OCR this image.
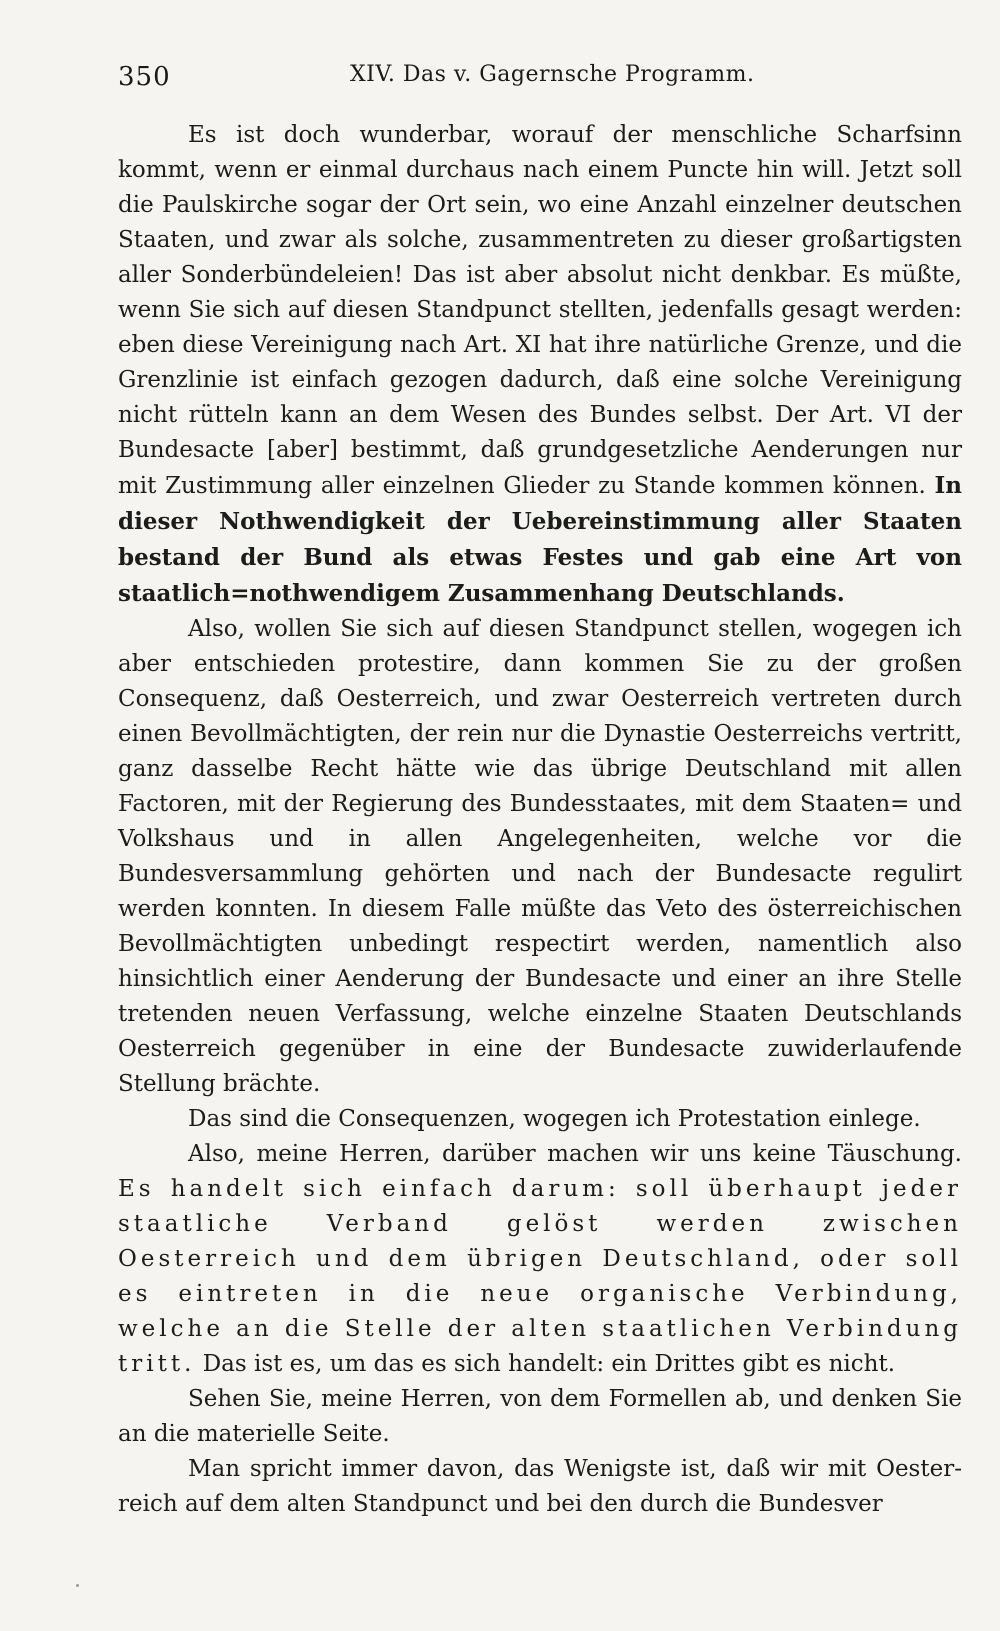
350	XIV. Das v. Gagernsche Programm.

Es ist doch wunderbar, worauf der menschliche Scharfsinn kommt, wenn er einmal durchaus nach einem Puncte hin will. Jetzt soll die Paulskirche sogar der Ort sein, wo eine Anzahl einzelner deutschen Staaten, und zwar als solche, zusammentreten zu dieser großartigsten aller Sonderbündeleien! Das ist aber absolut nicht denkbar. Es müßte, wenn Sie sich auf diesen Standpunct stellten, jedenfalls gesagt werden: eben diese Vereinigung nach Art. XI hat ihre natürliche Grenze, und die Grenzlinie ist einfach gezogen dadurch, daß eine solche Vereinigung nicht rütteln kann an dem Wesen des Bundes selbst. Der Art. VI der Bundesacte [aber] bestimmt, daß grundgesetzliche Aenderungen nur mit Zustimmung aller einzelnen Glieder zu Stande kommen können. In dieser Nothwendigkeit der Uebereinstimmung aller Staaten bestand der Bund als etwas Festes und gab eine Art von staatlich=nothwendigem Zusammenhang Deutschlands.

Also, wollen Sie sich auf diesen Standpunct stellen, wogegen ich aber entschieden protestire, dann kommen Sie zu der großen Consequenz, daß Oesterreich, und zwar Oesterreich vertreten durch einen Bevollmächtigten, der rein nur die Dynastie Oesterreichs vertritt, ganz dasselbe Recht hätte wie das übrige Deutschland mit allen Factoren, mit der Regierung des Bundesstaates, mit dem Staaten= und Volkshaus und in allen Angelegenheiten, welche vor die Bundesversammlung gehörten und nach der Bundesacte regulirt werden konnten. In diesem Falle müßte das Veto des österreichischen Bevollmächtigten unbedingt respectirt werden, namentlich also hinsichtlich einer Aenderung der Bundesacte und einer an ihre Stelle tretenden neuen Verfassung, welche einzelne Staaten Deutschlands Oesterreich gegenüber in eine der Bundesacte zuwiderlaufende Stellung brächte.

Das sind die Consequenzen, wogegen ich Protestation einlege.

Also, meine Herren, darüber machen wir uns keine Täuschung. Es handelt sich einfach darum: soll überhaupt jeder staatliche Verband gelöst werden zwischen Oesterreich und dem übrigen Deutschland, oder soll es eintreten in die neue organische Verbindung, welche an die Stelle der alten staatlichen Verbindung tritt. Das ist es, um das es sich handelt: ein Drittes gibt es nicht.

Sehen Sie, meine Herren, von dem Formellen ab, und denken Sie an die materielle Seite.

Man spricht immer davon, das Wenigste ist, daß wir mit Oesterreich auf dem alten Standpunct und bei den durch die Bundesver
